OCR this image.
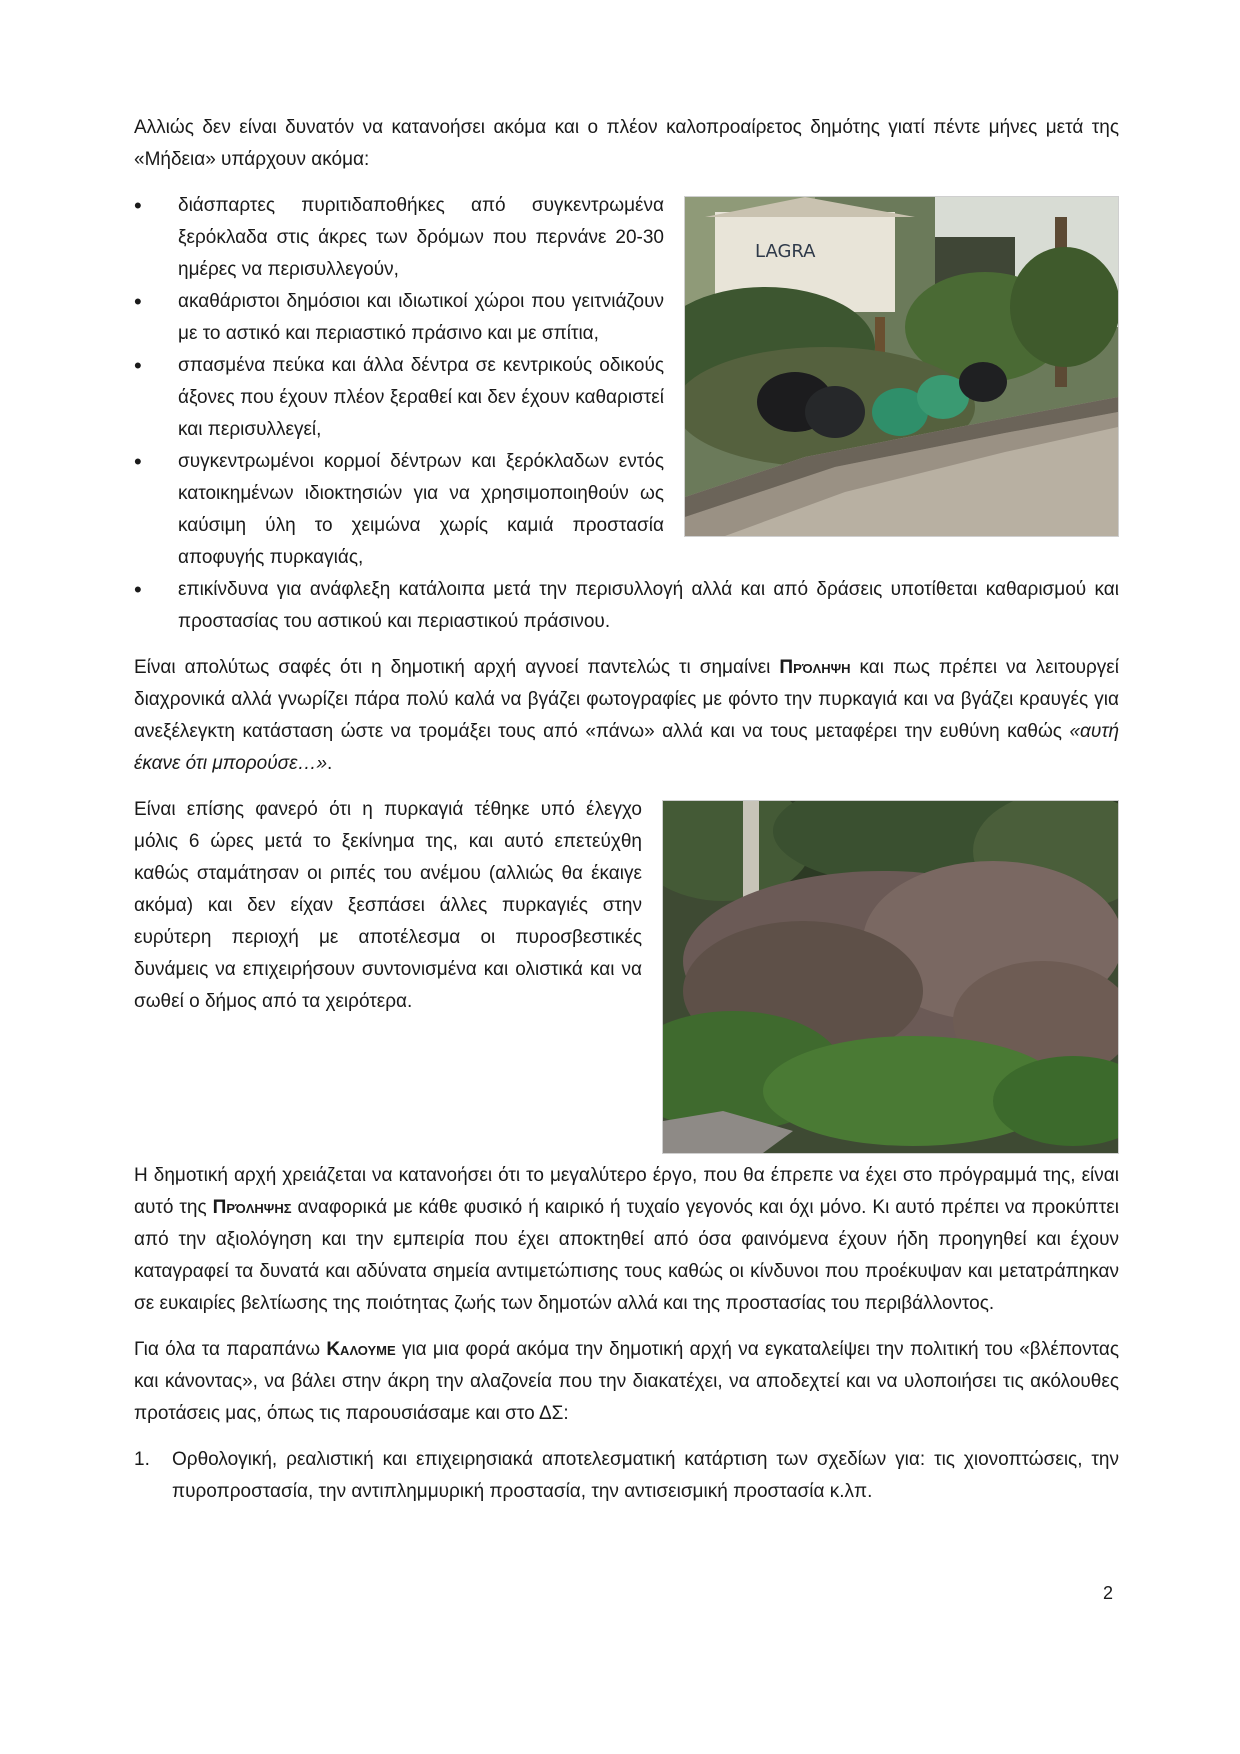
Αλλιώς δεν είναι δυνατόν να κατανοήσει ακόμα και ο πλέον καλοπροαίρετος δημότης γιατί πέντε μήνες μετά της «Μήδεια» υπάρχουν ακόμα:

LAGRA
• διάσπαρτες πυριτιδαποθήκες από συγκεντρωμένα ξερόκλαδα στις άκρες των δρόμων που περνάνε 20-30 ημέρες να περισυλλεγούν,
• ακαθάριστοι δημόσιοι και ιδιωτικοί χώροι που γειτνιάζουν με το αστικό και περιαστικό πράσινο και με σπίτια,
• σπασμένα πεύκα και άλλα δέντρα σε κεντρικούς οδικούς άξονες που έχουν πλέον ξεραθεί και δεν έχουν καθαριστεί και περισυλλεγεί,
• συγκεντρωμένοι κορμοί δέντρων και ξερόκλαδων εντός κατοικημένων ιδιοκτησιών για να χρησιμοποιηθούν ως καύσιμη ύλη το χειμώνα χωρίς καμιά προστασία αποφυγής πυρκαγιάς,
• επικίνδυνα για ανάφλεξη κατάλοιπα μετά την περισυλλογή αλλά και από δράσεις υποτίθεται καθαρισμού και προστασίας του αστικού και περιαστικού πράσινου.

Είναι απολύτως σαφές ότι η δημοτική αρχή αγνοεί παντελώς τι σημαίνει Πρόληψη και πως πρέπει να λειτουργεί διαχρονικά αλλά γνωρίζει πάρα πολύ καλά να βγάζει φωτογραφίες με φόντο την πυρκαγιά και να βγάζει κραυγές για ανεξέλεγκτη κατάσταση ώστε να τρομάξει τους από «πάνω» αλλά και να τους μεταφέρει την ευθύνη καθώς «αυτή έκανε ότι μπορούσε…».

Είναι επίσης φανερό ότι η πυρκαγιά τέθηκε υπό έλεγχο μόλις 6 ώρες μετά το ξεκίνημα της, και αυτό επετεύχθη καθώς σταμάτησαν οι ριπές του ανέμου (αλλιώς θα έκαιγε ακόμα) και δεν είχαν ξεσπάσει άλλες πυρκαγιές στην ευρύτερη περιοχή με αποτέλεσμα οι πυροσβεστικές δυνάμεις να επιχειρήσουν συντονισμένα και ολιστικά και να σωθεί ο δήμος από τα χειρότερα.

Η δημοτική αρχή χρειάζεται να κατανοήσει ότι το μεγαλύτερο έργο, που θα έπρεπε να έχει στο πρόγραμμά της, είναι αυτό της Πρόληψης αναφορικά με κάθε φυσικό ή καιρικό ή τυχαίο γεγονός και όχι μόνο. Κι αυτό πρέπει να προκύπτει από την αξιολόγηση και την εμπειρία που έχει αποκτηθεί από όσα φαινόμενα έχουν ήδη προηγηθεί και έχουν καταγραφεί τα δυνατά και αδύνατα σημεία αντιμετώπισης τους καθώς οι κίνδυνοι που προέκυψαν και μετατράπηκαν σε ευκαιρίες βελτίωσης της ποιότητας ζωής των δημοτών αλλά και της προστασίας του περιβάλλοντος.

Για όλα τα παραπάνω Καλουμε για μια φορά ακόμα την δημοτική αρχή να εγκαταλείψει την πολιτική του «βλέποντας και κάνοντας», να βάλει στην άκρη την αλαζονεία που την διακατέχει, να αποδεχτεί και να υλοποιήσει τις ακόλουθες προτάσεις μας, όπως τις παρουσιάσαμε και στο ΔΣ:

1. Ορθολογική, ρεαλιστική και επιχειρησιακά αποτελεσματική κατάρτιση των σχεδίων για: τις χιονοπτώσεις, την πυροπροστασία, την αντιπλημμυρική προστασία, την αντισεισμική προστασία κ.λπ.
2
